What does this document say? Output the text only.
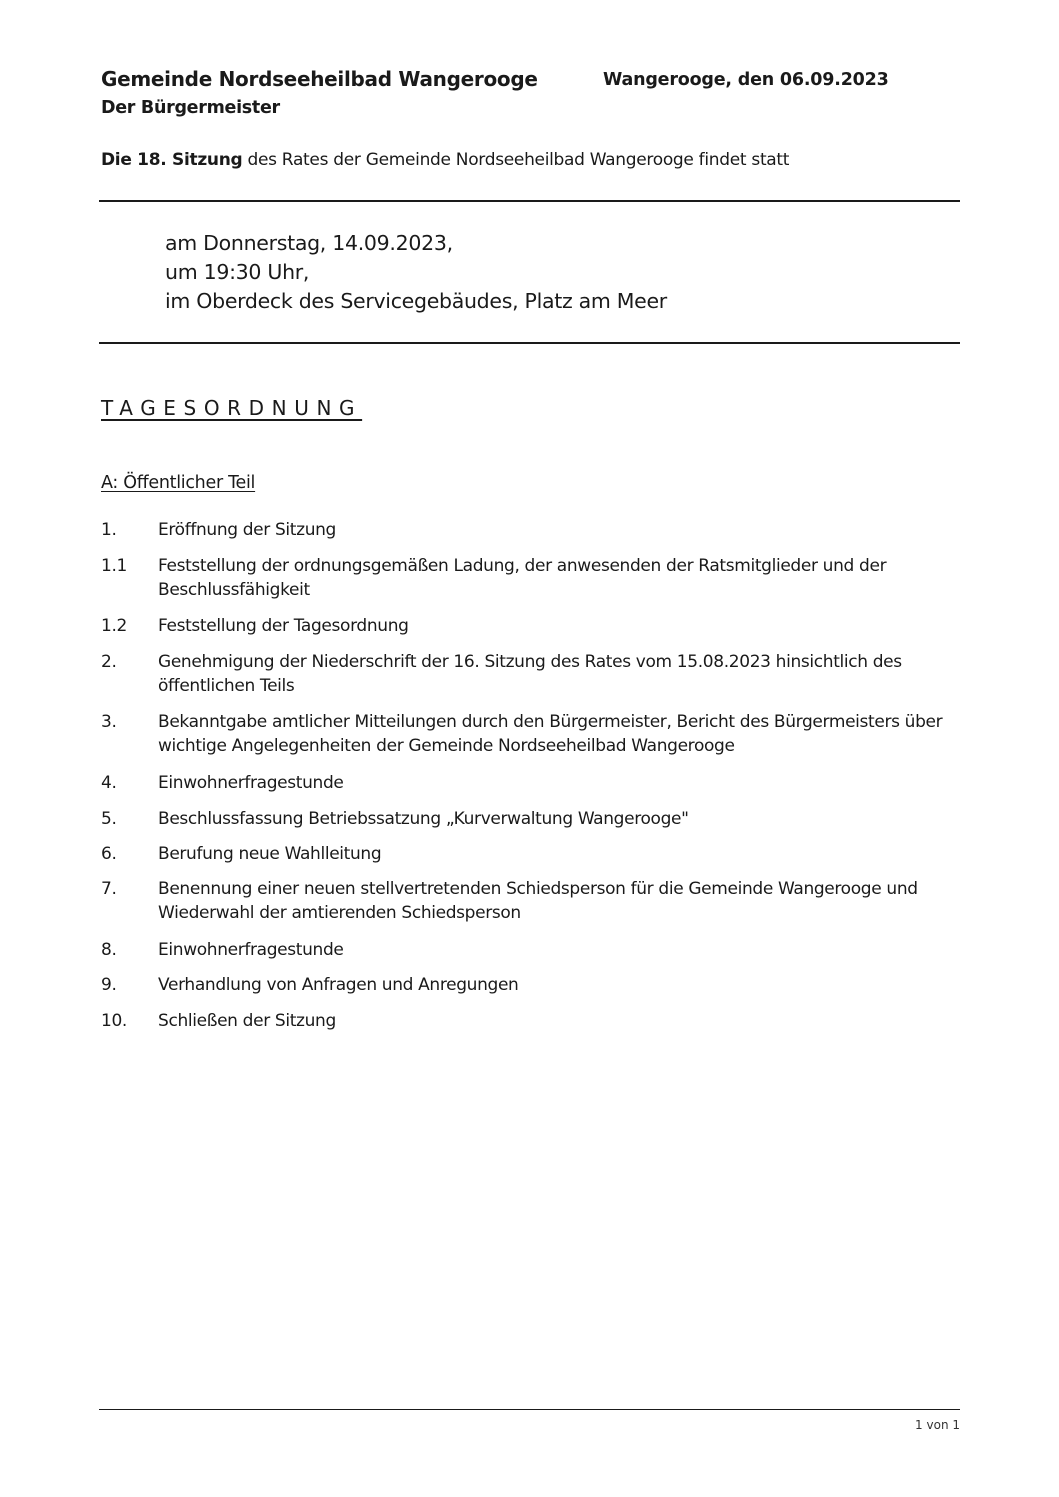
Gemeinde Nordseeheilbad Wangerooge	Wangerooge, den 06.09.2023
Der Bürgermeister
Die 18. Sitzung des Rates der Gemeinde Nordseeheilbad Wangerooge findet statt
am Donnerstag, 14.09.2023,
um 19:30 Uhr,
im Oberdeck des Servicegebäudes, Platz am Meer
TAGESORDNUNG
A: Öffentlicher Teil
1.	Eröffnung der Sitzung
1.1	Feststellung der ordnungsgemäßen Ladung, der anwesenden der Ratsmitglieder und der Beschlussfähigkeit
1.2	Feststellung der Tagesordnung
2.	Genehmigung der Niederschrift der 16. Sitzung des Rates vom 15.08.2023 hinsichtlich des öffentlichen Teils
3.	Bekanntgabe amtlicher Mitteilungen durch den Bürgermeister, Bericht des Bürgermeisters über wichtige Angelegenheiten der Gemeinde Nordseeheilbad Wangerooge
4.	Einwohnerfragestunde
5.	Beschlussfassung Betriebssatzung „Kurverwaltung Wangerooge"
6.	Berufung neue Wahlleitung
7.	Benennung einer neuen stellvertretenden Schiedsperson für die Gemeinde Wangerooge und Wiederwahl der amtierenden Schiedsperson
8.	Einwohnerfragestunde
9.	Verhandlung von Anfragen und Anregungen
10.	Schließen der Sitzung
1 von 1
